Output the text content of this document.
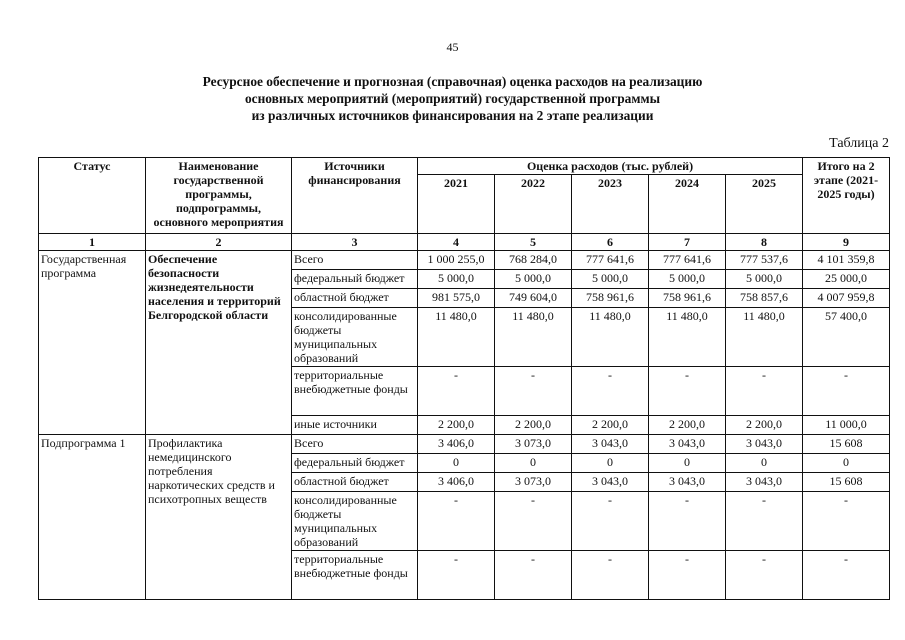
45
Ресурсное обеспечение и прогнозная (справочная) оценка расходов на реализацию
основных мероприятий (мероприятий) государственной программы
из различных источников финансирования на 2 этапе реализации
Таблица 2
Статус	Наименование государственной программы, подпрограммы, основного мероприятия	Источники финансирования	Оценка расходов (тыс. рублей)					Итого на 2 этапе (2021-2025 годы)
			2021	2022	2023	2024	2025	
1	2	3	4	5	6	7	8	9
Государственная программа	Обеспечение безопасности жизнедеятельности населения и территорий Белгородской области	Всего	1 000 255,0	768 284,0	777 641,6	777 641,6	777 537,6	4 101 359,8
		федеральный бюджет	5 000,0	5 000,0	5 000,0	5 000,0	5 000,0	25 000,0
		областной бюджет	981 575,0	749 604,0	758 961,6	758 961,6	758 857,6	4 007 959,8
		консолидированные бюджеты муниципальных образований	11 480,0	11 480,0	11 480,0	11 480,0	11 480,0	57 400,0
		территориальные внебюджетные фонды	-	-	-	-	-	-
		иные источники	2 200,0	2 200,0	2 200,0	2 200,0	2 200,0	11 000,0
Подпрограмма 1	Профилактика немедицинского потребления наркотических средств и психотропных веществ	Всего	3 406,0	3 073,0	3 043,0	3 043,0	3 043,0	15 608
		федеральный бюджет	0	0	0	0	0	0
		областной бюджет	3 406,0	3 073,0	3 043,0	3 043,0	3 043,0	15 608
		консолидированные бюджеты муниципальных образований	-	-	-	-	-	-
		территориальные внебюджетные фонды	-	-	-	-	-	-
